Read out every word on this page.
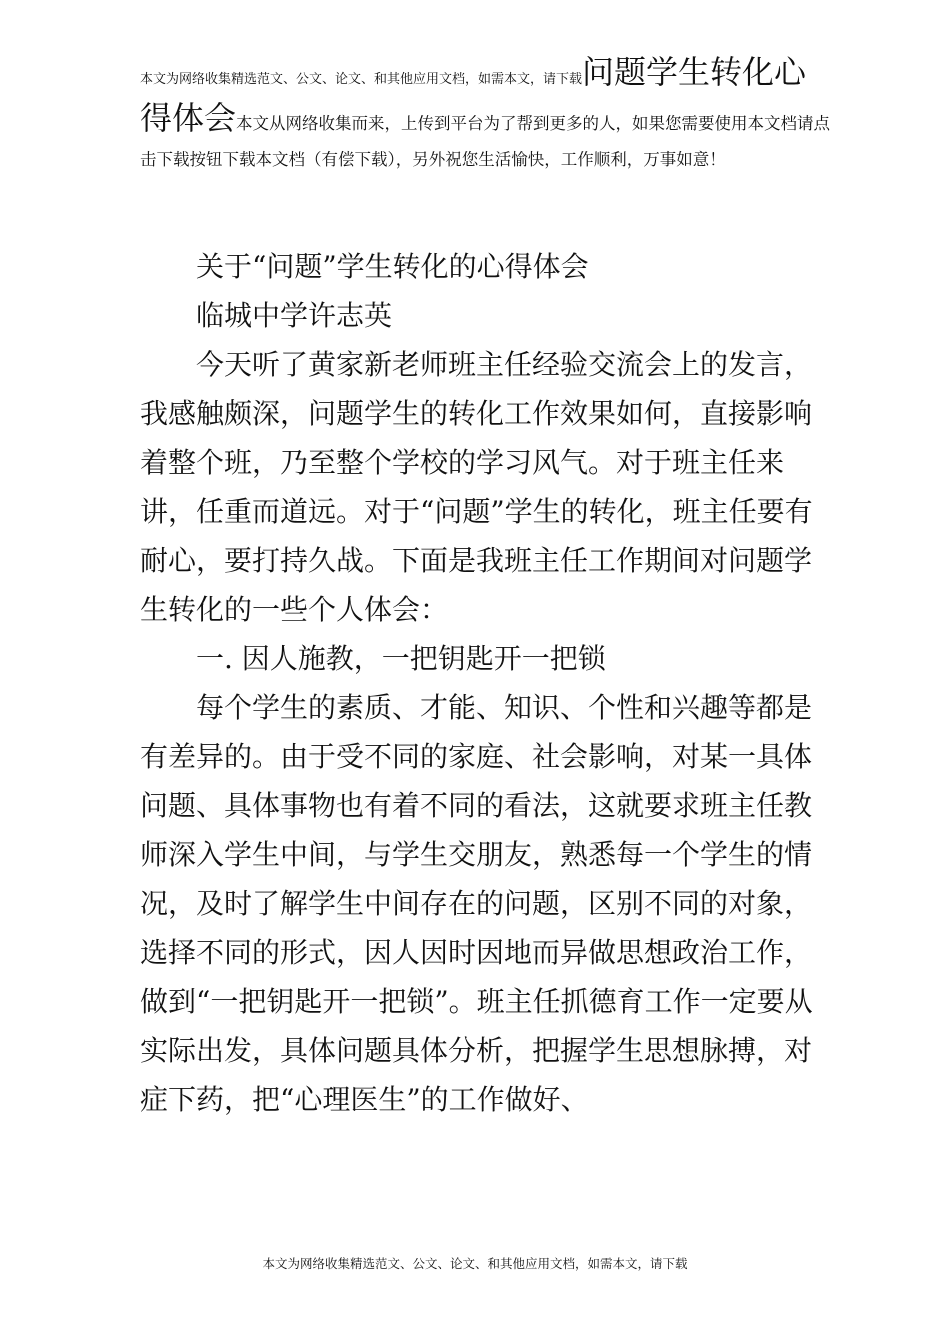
本文为网络收集精选范文、公文、论文、和其他应用文档，如需本文，请下载问题学生转化心得体会本文从网络收集而来，上传到平台为了帮到更多的人，如果您需要使用本文档请点击下载按钮下载本文档（有偿下载），另外祝您生活愉快，工作顺利，万事如意！

关于“问题”学生转化的心得体会

临城中学许志英

今天听了黄家新老师班主任经验交流会上的发言，我感触颇深，问题学生的转化工作效果如何，直接影响着整个班，乃至整个学校的学习风气。对于班主任来讲，任重而道远。对于“问题”学生的转化，班主任要有耐心，要打持久战。下面是我班主任工作期间对问题学生转化的一些个人体会：

一. 因人施教，一把钥匙开一把锁

每个学生的素质、才能、知识、个性和兴趣等都是有差异的。由于受不同的家庭、社会影响，对某一具体问题、具体事物也有着不同的看法，这就要求班主任教师深入学生中间，与学生交朋友，熟悉每一个学生的情况，及时了解学生中间存在的问题，区别不同的对象，选择不同的形式，因人因时因地而异做思想政治工作，做到“一把钥匙开一把锁”。班主任抓德育工作一定要从实际出发，具体问题具体分析，把握学生思想脉搏，对症下药，把“心理医生”的工作做好、

本文为网络收集精选范文、公文、论文、和其他应用文档，如需本文，请下载
